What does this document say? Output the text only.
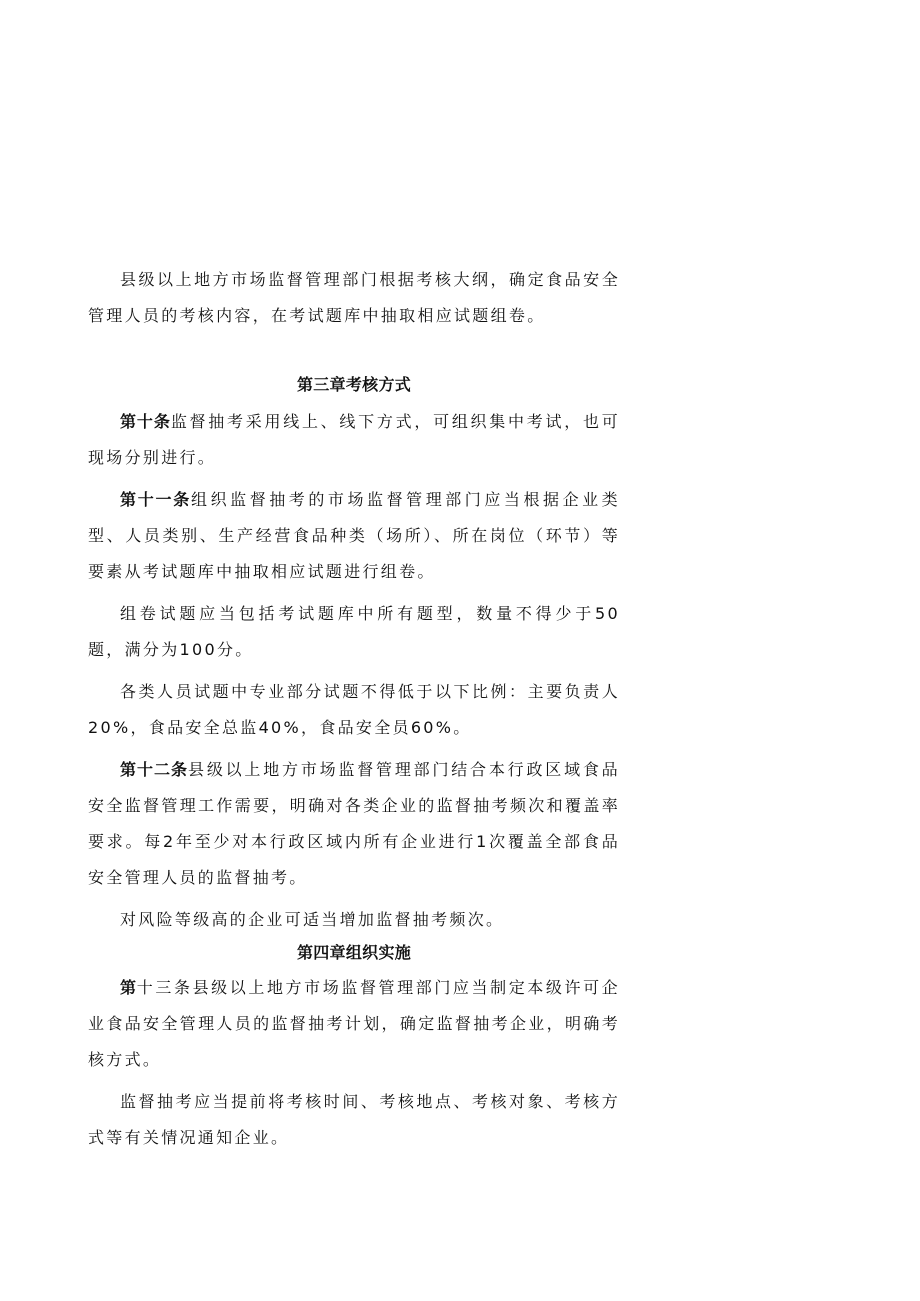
县级以上地方市场监督管理部门根据考核大纲，确定食品安全管理人员的考核内容，在考试题库中抽取相应试题组卷。

第三章考核方式

第十条监督抽考采用线上、线下方式，可组织集中考试，也可现场分别进行。

第十一条组织监督抽考的市场监督管理部门应当根据企业类型、人员类别、生产经营食品种类（场所）、所在岗位（环节）等要素从考试题库中抽取相应试题进行组卷。

组卷试题应当包括考试题库中所有题型，数量不得少于50题，满分为100分。

各类人员试题中专业部分试题不得低于以下比例：主要负责人20%，食品安全总监40%，食品安全员60%。

第十二条县级以上地方市场监督管理部门结合本行政区域食品安全监督管理工作需要，明确对各类企业的监督抽考频次和覆盖率要求。每2年至少对本行政区域内所有企业进行1次覆盖全部食品安全管理人员的监督抽考。

对风险等级高的企业可适当增加监督抽考频次。

第四章组织实施

第十三条县级以上地方市场监督管理部门应当制定本级许可企业食品安全管理人员的监督抽考计划，确定监督抽考企业，明确考核方式。

监督抽考应当提前将考核时间、考核地点、考核对象、考核方式等有关情况通知企业。
